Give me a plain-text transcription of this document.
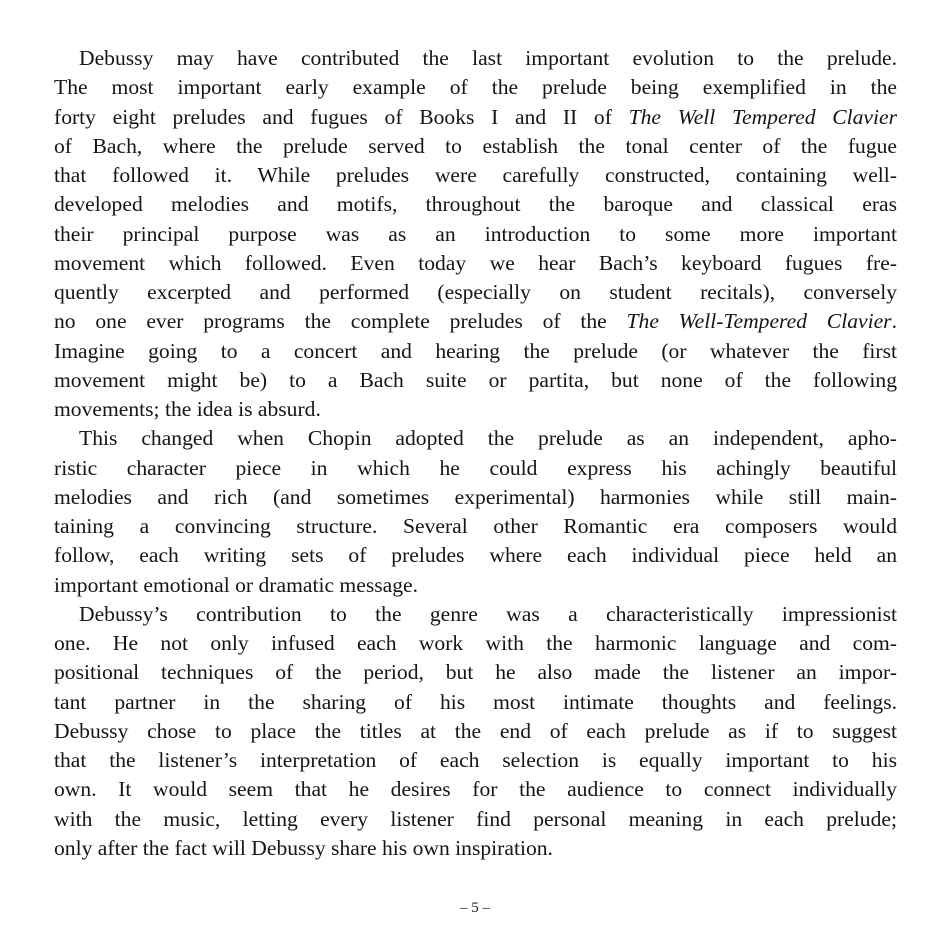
Debussy may have contributed the last important evolution to the prelude.
The most important early example of the prelude being exemplified in the
forty eight preludes and fugues of Books I and II of The Well Tempered Clavier
of Bach, where the prelude served to establish the tonal center of the fugue
that followed it. While preludes were carefully constructed, containing well-
developed melodies and motifs, throughout the baroque and classical eras
their principal purpose was as an introduction to some more important
movement which followed. Even today we hear Bach’s keyboard fugues fre-
quently excerpted and performed (especially on student recitals), conversely
no one ever programs the complete preludes of the The Well-Tempered Clavier.
Imagine going to a concert and hearing the prelude (or whatever the first
movement might be) to a Bach suite or partita, but none of the following
movements; the idea is absurd.
This changed when Chopin adopted the prelude as an independent, apho-
ristic character piece in which he could express his achingly beautiful
melodies and rich (and sometimes experimental) harmonies while still main-
taining a convincing structure. Several other Romantic era composers would
follow, each writing sets of preludes where each individual piece held an
important emotional or dramatic message.
Debussy’s contribution to the genre was a characteristically impressionist
one. He not only infused each work with the harmonic language and com-
positional techniques of the period, but he also made the listener an impor-
tant partner in the sharing of his most intimate thoughts and feelings.
Debussy chose to place the titles at the end of each prelude as if to suggest
that the listener’s interpretation of each selection is equally important to his
own. It would seem that he desires for the audience to connect individually
with the music, letting every listener find personal meaning in each prelude;
only after the fact will Debussy share his own inspiration.
– 5 –
